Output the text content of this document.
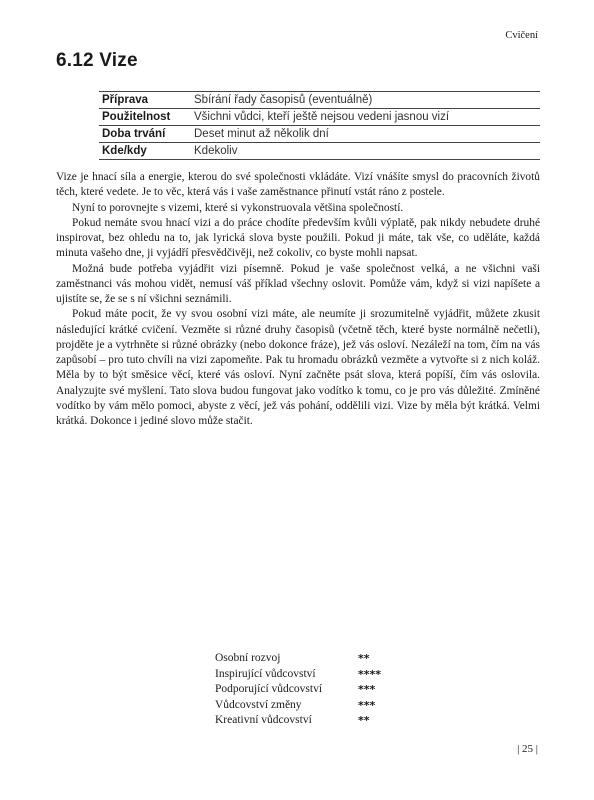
Cvičení
6.12 Vize
Příprava	Sbírání řady časopisů (eventuálně)
Použitelnost	Všichni vůdci, kteří ještě nejsou vedeni jasnou vizí
Doba trvání	Deset minut až několik dní
Kde/kdy	Kdekoliv

Vize je hnací síla a energie, kterou do své společnosti vkládáte. Vizí vnášíte smysl do pracovních životů těch, které vedete. Je to věc, která vás i vaše zaměstnance přinutí vstát ráno z postele.

Nyní to porovnejte s vizemi, které si vykonstruovala většina společností.

Pokud nemáte svou hnací vizi a do práce chodíte především kvůli výplatě, pak nikdy nebudete druhé inspirovat, bez ohledu na to, jak lyrická slova byste použili. Pokud ji máte, tak vše, co uděláte, každá minuta vašeho dne, ji vyjádří přesvědčivěji, než cokoliv, co byste mohli napsat.

Možná bude potřeba vyjádřit vizi písemně. Pokud je vaše společnost velká, a ne všichni vaši zaměstnanci vás mohou vidět, nemusí váš příklad všechny oslovit. Pomůže vám, když si vizi napíšete a ujistíte se, že se s ní všichni seznámili.

Pokud máte pocit, že vy svou osobní vizi máte, ale neumíte ji srozumitelně vyjádřit, můžete zkusit následující krátké cvičení. Vezměte si různé druhy časopisů (včetně těch, které byste normálně nečetli), projděte je a vytrhněte si různé obrázky (nebo dokonce fráze), jež vás osloví. Nezáleží na tom, čím na vás zapůsobí – pro tuto chvíli na vizi zapomeňte. Pak tu hromadu obrázků vezměte a vytvořte si z nich koláž. Měla by to být směsice věcí, které vás osloví. Nyní začněte psát slova, která popíší, čím vás oslovila. Analyzujte své myšlení. Tato slova budou fungovat jako vodítko k tomu, co je pro vás důležité. Zmíněné vodítko by vám mělo pomoci, abyste z věcí, jež vás pohání, oddělili vizi. Vize by měla být krátká. Velmi krátká. Dokonce i jediné slovo může stačit.

Osobní rozvoj	**
Inspirující vůdcovství	****
Podporující vůdcovství	***
Vůdcovství změny	***
Kreativní vůdcovství	**
| 25 |
